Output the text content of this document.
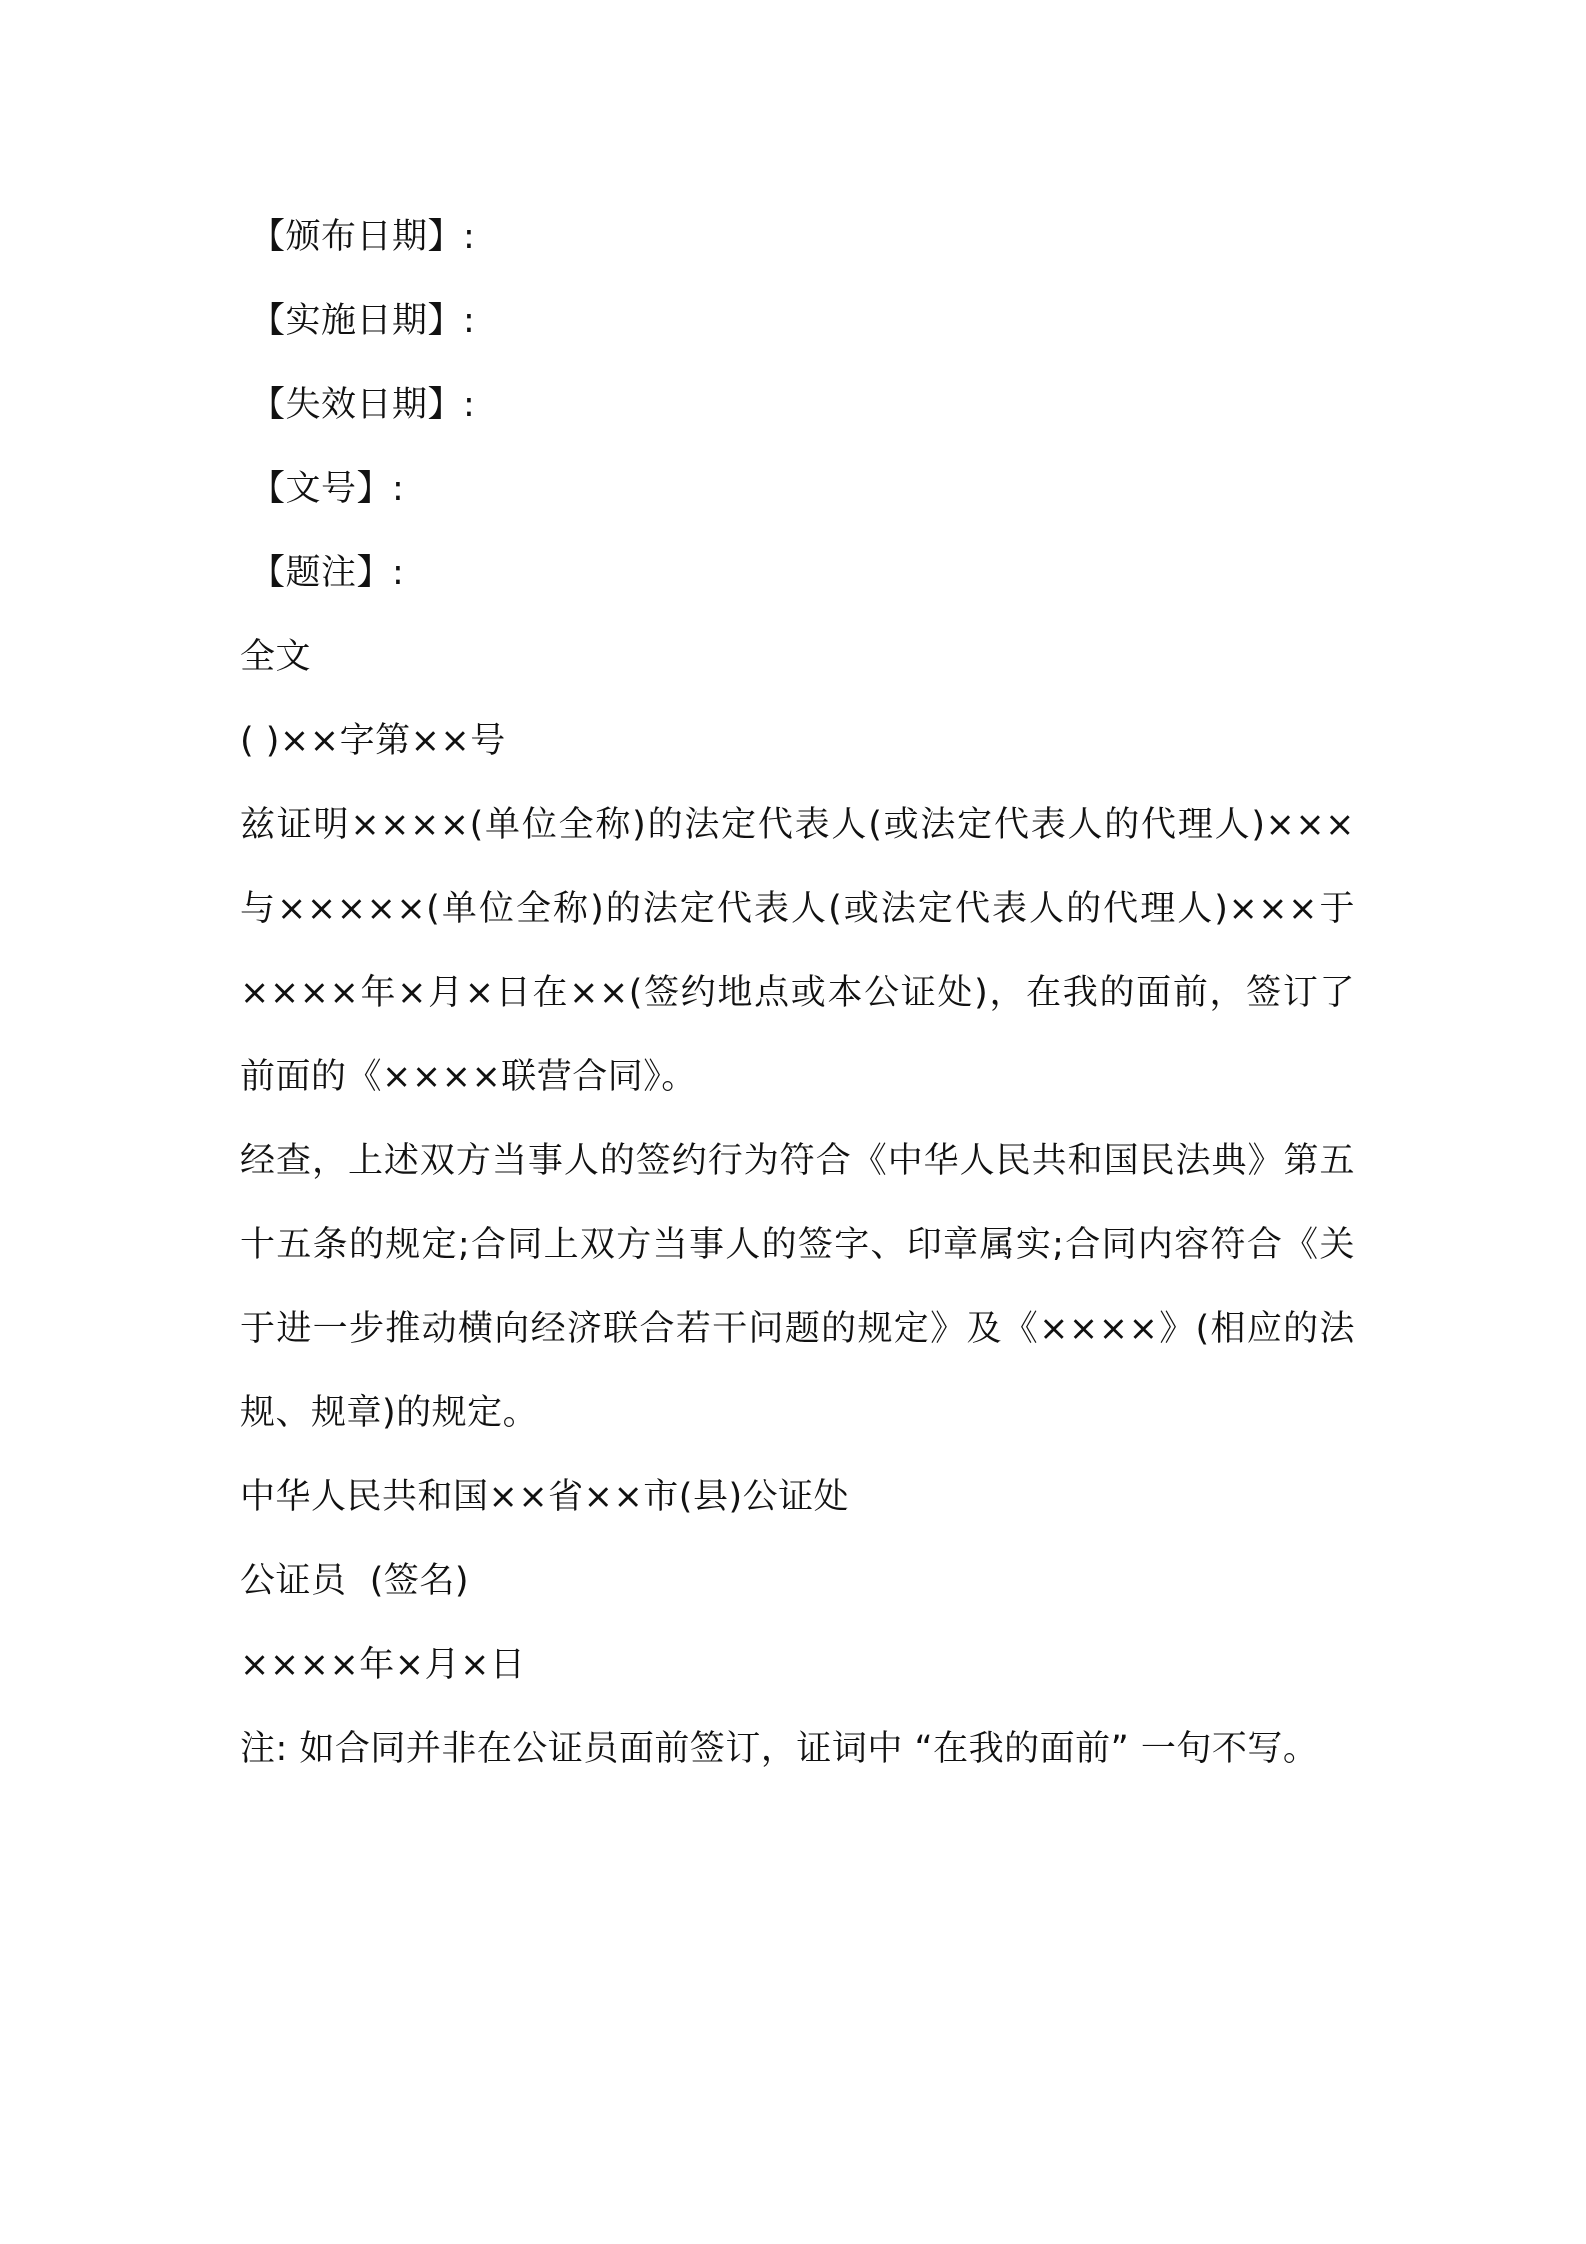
【颁布日期】:
【实施日期】:
【失效日期】:
【文号】:
【题注】:
全文
( )××字第××号
兹证明××××(单位全称)的法定代表人(或法定代表人的代理人)×××与×××××(单位全称)的法定代表人(或法定代表人的代理人)×××于××××年×月×日在××(签约地点或本公证处)，在我的面前，签订了前面的《××××联营合同》。
经查，上述双方当事人的签约行为符合《中华人民共和国民法典》第五十五条的规定;合同上双方当事人的签字、印章属实;合同内容符合《关于进一步推动横向经济联合若干问题的规定》及《××××》(相应的法规、规章)的规定。
中华人民共和国××省××市(县)公证处
公证员  (签名)
××××年×月×日
注: 如合同并非在公证员面前签订，证词中 “在我的面前” 一句不写。
